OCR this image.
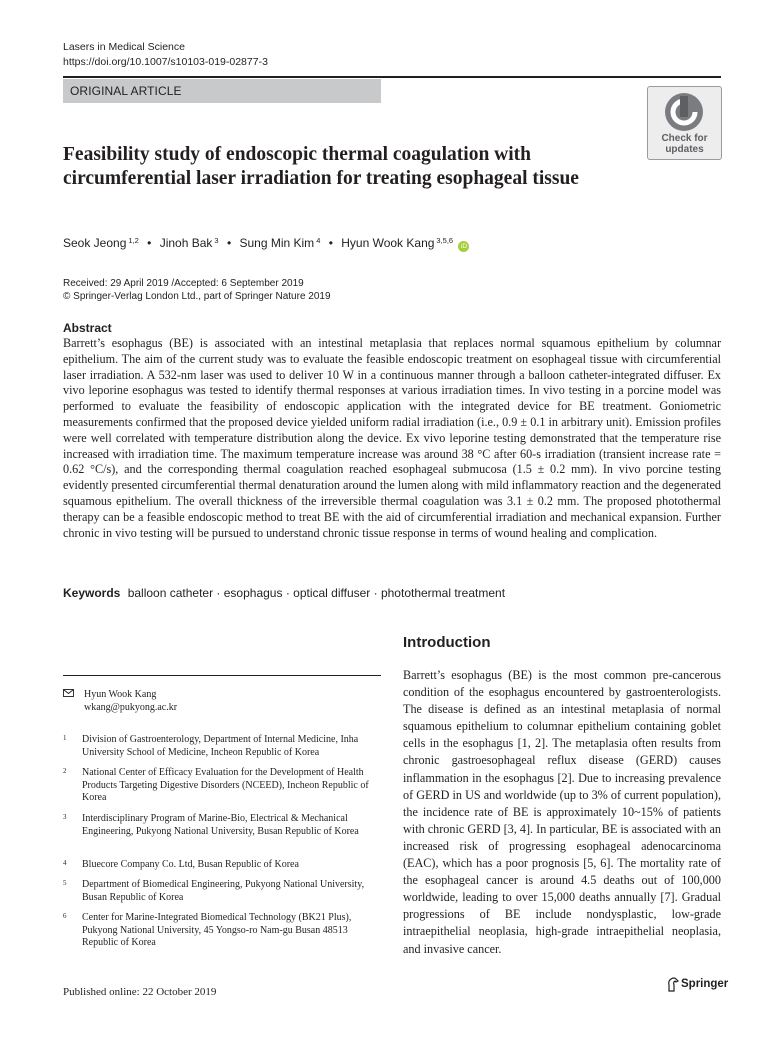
Lasers in Medical Science
https://doi.org/10.1007/s10103-019-02877-3
ORIGINAL ARTICLE
Check for
updates
Feasibility study of endoscopic thermal coagulation with circumferential laser irradiation for treating esophageal tissue
Seok Jeong $^{1,2}$ • Jinoh Bak $^3$ • Sung Min Kim $^4$ • Hyun Wook Kang $^{3,5,6}$ iD
Received: 29 April 2019 /Accepted: 6 September 2019
© Springer-Verlag London Ltd., part of Springer Nature 2019
Abstract
Barrett’s esophagus (BE) is associated with an intestinal metaplasia that replaces normal squamous epithelium by columnar epithelium. The aim of the current study was to evaluate the feasible endoscopic treatment on esophageal tissue with circumferential laser irradiation. A 532-nm laser was used to deliver 10 W in a continuous manner through a balloon catheter-integrated diffuser. Ex vivo leporine esophagus was tested to identify thermal responses at various irradiation times. In vivo testing in a porcine model was performed to evaluate the feasibility of endoscopic application with the integrated device for BE treatment. Goniometric measurements confirmed that the proposed device yielded uniform radial irradiation (i.e., 0.9 ± 0.1 in arbitrary unit). Emission profiles were well correlated with temperature distribution along the device. Ex vivo leporine testing demonstrated that the temperature rise increased with irradiation time. The maximum temperature increase was around 38 °C after 60-s irradiation (transient increase rate = 0.62 °C/s), and the corresponding thermal coagulation reached esophageal submucosa (1.5 ± 0.2 mm). In vivo porcine testing evidently presented circumferential thermal denaturation around the lumen along with mild inflammatory reaction and the degenerated squamous epithelium. The overall thickness of the irreversible thermal coagulation was 3.1 ± 0.2 mm. The proposed photothermal therapy can be a feasible endoscopic method to treat BE with the aid of circumferential irradiation and mechanical expansion. Further chronic in vivo testing will be pursued to understand chronic tissue response in terms of wound healing and complication.
Keywords balloon catheter · esophagus · optical diffuser · photothermal treatment
Introduction
Barrett’s esophagus (BE) is the most common pre-cancerous condition of the esophagus encountered by gastroenterologists. The disease is defined as an intestinal metaplasia of normal squamous epithelium to columnar epithelium containing goblet cells in the esophagus [1, 2]. The metaplasia often results from chronic gastroesophageal reflux disease (GERD) causes inflammation in the esophagus [2]. Due to increasing prevalence of GERD in US and worldwide (up to 3% of current population), the incidence rate of BE is approximately 10~15% of patients with chronic GERD [3, 4]. In particular, BE is associated with an increased risk of progressing esophageal adenocarcinoma (EAC), which has a poor prognosis [5, 6]. The mortality rate of the esophageal cancer is around 4.5 deaths out of 100,000 worldwide, leading to over 15,000 deaths annually [7]. Gradual progressions of BE include nondysplastic, low-grade intraepithelial neoplasia, high-grade intraepithelial neoplasia, and invasive cancer.
Hyun Wook Kang
wkang@pukyong.ac.kr
1 Division of Gastroenterology, Department of Internal Medicine, Inha University School of Medicine, Incheon Republic of Korea
2 National Center of Efficacy Evaluation for the Development of Health Products Targeting Digestive Disorders (NCEED), Incheon Republic of Korea
3 Interdisciplinary Program of Marine-Bio, Electrical & Mechanical Engineering, Pukyong National University, Busan Republic of Korea
4 Bluecore Company Co. Ltd, Busan Republic of Korea
5 Department of Biomedical Engineering, Pukyong National University, Busan Republic of Korea
6 Center for Marine-Integrated Biomedical Technology (BK21 Plus), Pukyong National University, 45 Yongso-ro Nam-gu Busan 48513 Republic of Korea
Published online: 22 October 2019
Springer
